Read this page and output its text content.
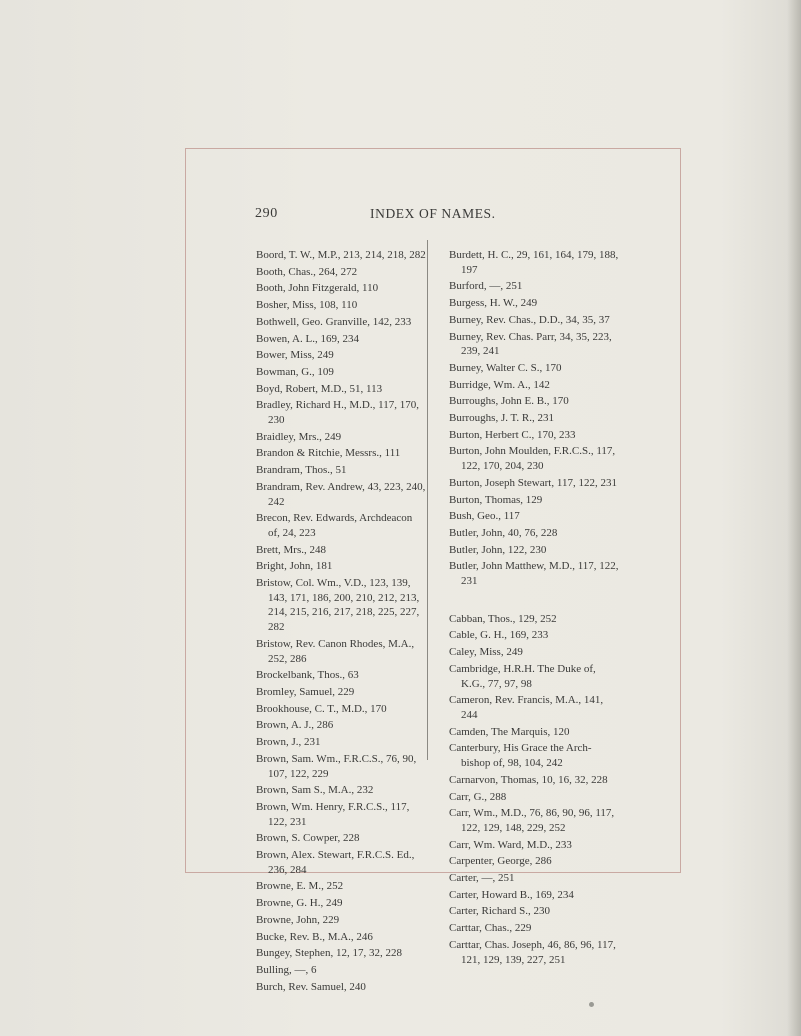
290	INDEX OF NAMES.
Boord, T. W., M.P., 213, 214, 218, 282
Booth, Chas., 264, 272
Booth, John Fitzgerald, 110
Bosher, Miss, 108, 110
Bothwell, Geo. Granville, 142, 233
Bowen, A. L., 169, 234
Bower, Miss, 249
Bowman, G., 109
Boyd, Robert, M.D., 51, 113
Bradley, Richard H., M.D., 117, 170, 230
Braidley, Mrs., 249
Brandon & Ritchie, Messrs., 111
Brandram, Thos., 51
Brandram, Rev. Andrew, 43, 223, 240, 242
Brecon, Rev. Edwards, Archdeacon of, 24, 223
Brett, Mrs., 248
Bright, John, 181
Bristow, Col. Wm., V.D., 123, 139, 143, 171, 186, 200, 210, 212, 213, 214, 215, 216, 217, 218, 225, 227, 282
Bristow, Rev. Canon Rhodes, M.A., 252, 286
Brockelbank, Thos., 63
Bromley, Samuel, 229
Brookhouse, C. T., M.D., 170
Brown, A. J., 286
Brown, J., 231
Brown, Sam. Wm., F.R.C.S., 76, 90, 107, 122, 229
Brown, Sam S., M.A., 232
Brown, Wm. Henry, F.R.C.S., 117, 122, 231
Brown, S. Cowper, 228
Brown, Alex. Stewart, F.R.C.S. Ed., 236, 284
Browne, E. M., 252
Browne, G. H., 249
Browne, John, 229
Bucke, Rev. B., M.A., 246
Bungey, Stephen, 12, 17, 32, 228
Bulling, —, 6
Burch, Rev. Samuel, 240
Burdett, H. C., 29, 161, 164, 179, 188, 197
Burford, —, 251
Burgess, H. W., 249
Burney, Rev. Chas., D.D., 34, 35, 37
Burney, Rev. Chas. Parr, 34, 35, 223, 239, 241
Burney, Walter C. S., 170
Burridge, Wm. A., 142
Burroughs, John E. B., 170
Burroughs, J. T. R., 231
Burton, Herbert C., 170, 233
Burton, John Moulden, F.R.C.S., 117, 122, 170, 204, 230
Burton, Joseph Stewart, 117, 122, 231
Burton, Thomas, 129
Bush, Geo., 117
Butler, John, 40, 76, 228
Butler, John, 122, 230
Butler, John Matthew, M.D., 117, 122, 231
Cabban, Thos., 129, 252
Cable, G. H., 169, 233
Caley, Miss, 249
Cambridge, H.R.H. The Duke of, K.G., 77, 97, 98
Cameron, Rev. Francis, M.A., 141, 244
Camden, The Marquis, 120
Canterbury, His Grace the Arch-bishop of, 98, 104, 242
Carnarvon, Thomas, 10, 16, 32, 228
Carr, G., 288
Carr, Wm., M.D., 76, 86, 90, 96, 117, 122, 129, 148, 229, 252
Carr, Wm. Ward, M.D., 233
Carpenter, George, 286
Carter, —, 251
Carter, Howard B., 169, 234
Carter, Richard S., 230
Carttar, Chas., 229
Carttar, Chas. Joseph, 46, 86, 96, 117, 121, 129, 139, 227, 251
